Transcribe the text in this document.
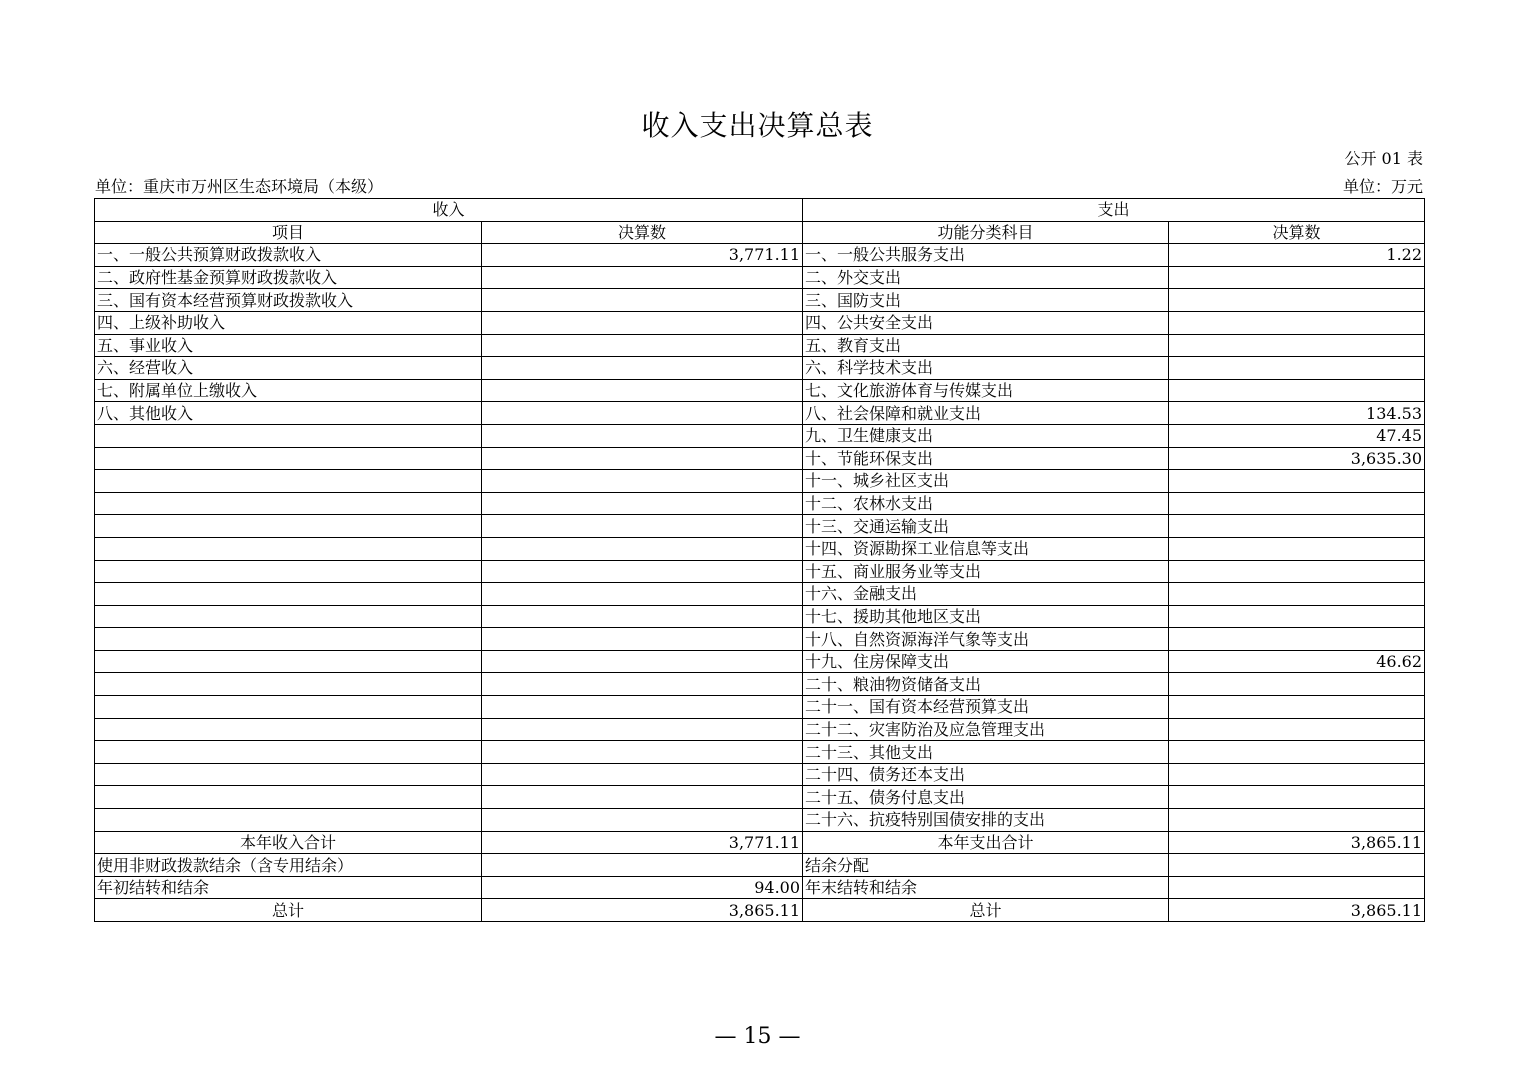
收入支出决算总表
公开 01 表
单位：重庆市万州区生态环境局（本级）	单位：万元
收入		支出	
项目	决算数	功能分类科目	决算数
一、一般公共预算财政拨款收入	3,771.11	一、一般公共服务支出	1.22
二、政府性基金预算财政拨款收入		二、外交支出	
三、国有资本经营预算财政拨款收入		三、国防支出	
四、上级补助收入		四、公共安全支出	
五、事业收入		五、教育支出	
六、经营收入		六、科学技术支出	
七、附属单位上缴收入		七、文化旅游体育与传媒支出	
八、其他收入		八、社会保障和就业支出	134.53
		九、卫生健康支出	47.45
		十、节能环保支出	3,635.30
		十一、城乡社区支出	
		十二、农林水支出	
		十三、交通运输支出	
		十四、资源勘探工业信息等支出	
		十五、商业服务业等支出	
		十六、金融支出	
		十七、援助其他地区支出	
		十八、自然资源海洋气象等支出	
		十九、住房保障支出	46.62
		二十、粮油物资储备支出	
		二十一、国有资本经营预算支出	
		二十二、灾害防治及应急管理支出	
		二十三、其他支出	
		二十四、债务还本支出	
		二十五、债务付息支出	
		二十六、抗疫特别国债安排的支出	
本年收入合计	3,771.11	本年支出合计	3,865.11
使用非财政拨款结余（含专用结余）		结余分配	
年初结转和结余	94.00	年末结转和结余	
总计	3,865.11	总计	3,865.11
— 15 —
